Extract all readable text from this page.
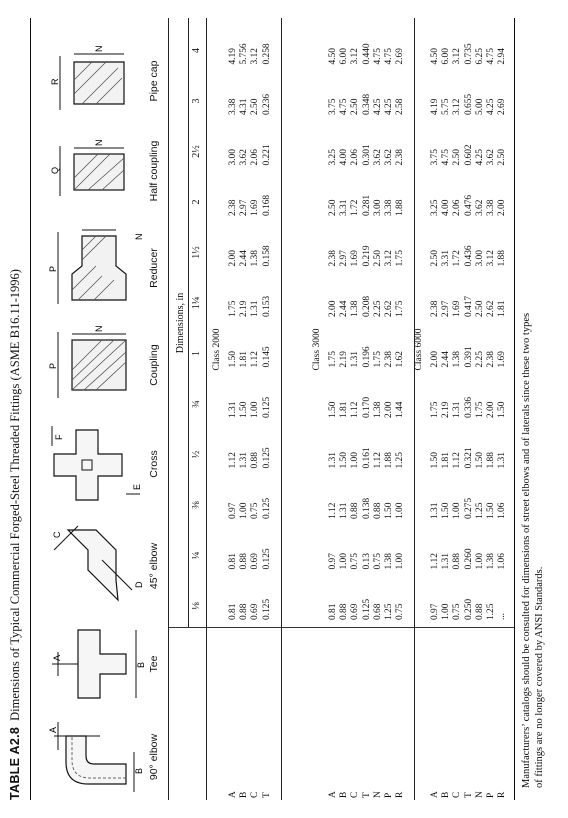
TABLE A2.8Dimensions of Typical Commercial Forged-Steel Threaded Fittings (ASME B16.11-1996)
A
B 90° elbow
A
B Tee
D
C
45° elbow
E
F
Cross
P
N
Coupling
P
N
Reducer
Q
N	Half coupling
R
N
Pipe cap
Dimensions, in
⅛
¼
⅜
½
¾
1
1¼
1½
2
2½
3
4
Class 2000
A B C T
0.81 0.88 0.69 0.125
0.81 0.88 0.69 0.125
0.97 1.00 0.75 0.125
1.12 1.31 0.88 0.125
1.31 1.50 1.00 0.125
1.50 1.81 1.12 0.145
1.75 2.19 1.31 0.153
2.00 2.44 1.38 0.158
2.38 2.97 1.69 0.168
3.00 3.62 2.06 0.221
3.38 4.31 2.50 0.236
4.19 5.756 3.12 0.258
Class 3000
A B C T N P R
0.81 0.88 0.69 0.125 0.68 1.25 0.75
0.97 1.00 0.75 0.13 0.75 1.38 1.00
1.12 1.31 0.88 0.138 0.88 1.50 1.00
1.31 1.50 1.00 0.161 1.12 1.88 1.25
1.50 1.81 1.12 0.170 1.38 2.00 1.44
1.75 2.19 1.31 0.196 1.75 2.38 1.62
2.00 2.44 1.38 0.208 2.25 2.62 1.75
2.38 2.97 1.69 0.219 2.50 3.12 1.75
2.50 3.31 1.72 0.281 3.00 3.38 1.88
3.25 4.00 2.06 0.301 3.62 3.62 2.38
3.75 4.75 2.50 0.348 4.25 4.25 2.58
4.50 6.00 3.12 0.440 4.75 4.75 2.69
Class 6000
A B C T N P R
0.97 1.00 0.75 0.250 0.88 1.25 ...
1.12 1.31 0.88 0.260 1.00 1.38 1.06
1.31 1.50 1.00 0.275 1.25 1.50 1.06
1.50 1.81 1.12 0.321 1.50 1.88 1.31
1.75 2.19 1.31 0.336 1.75 2.00 1.50
2.00 2.44 1.38 0.391 2.25 2.38 1.69
2.38 2.97 1.69 0.417 2.50 2.62 1.81
2.50 3.31 1.72 0.436 3.00 3.12 1.88
3.25 4.00 2.06 0.476 3.62 3.38 2.00
3.75 4.75 2.50 0.602 4.25 3.62 2.50
4.19 5.75 3.12 0.655 5.00 4.25 2.69
4.50 6.00 3.12 0.735 6.25 4.75 2.94
Manufacturers’ catalogs should be consulted for dimensions of street elbows and of laterals since these two types of fittings are no longer covered by ANSI Standards.
